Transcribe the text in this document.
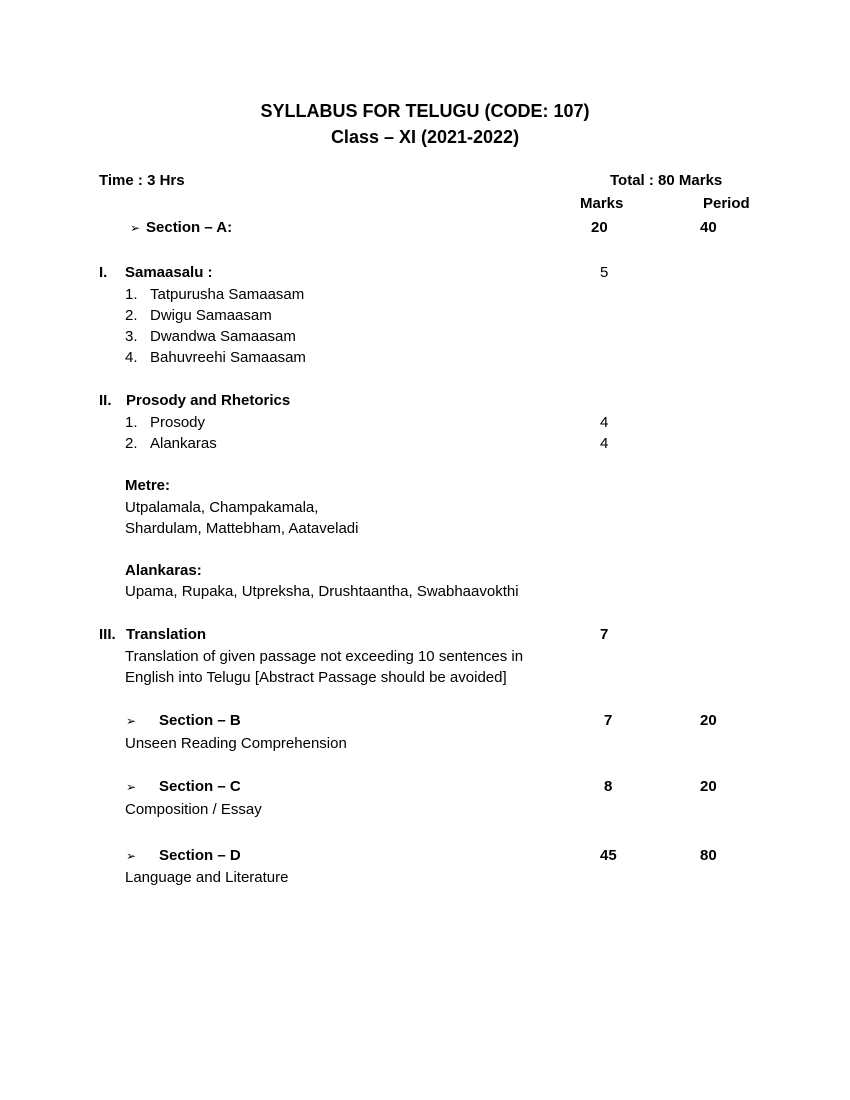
SYLLABUS FOR TELUGU (CODE: 107)
Class – XI (2021-2022)
Time : 3 Hrs	Total : 80 Marks
Marks	Period
➢ Section – A:	20	40
I. Samaasalu :	5
1. Tatpurusha Samaasam
2. Dwigu Samaasam
3. Dwandwa Samaasam
4. Bahuvreehi Samaasam
II. Prosody and Rhetorics
1. Prosody	4
2. Alankaras	4
Metre:
Utpalamala, Champakamala,
Shardulam, Mattebham, Aataveladi
Alankaras:
Upama, Rupaka, Utpreksha, Drushtaantha, Swabhaavokthi
III. Translation	7
Translation of given passage not exceeding 10 sentences in
English into Telugu [Abstract Passage should be avoided]
➢ Section – B	7	20
Unseen Reading Comprehension
➢ Section – C	8	20
Composition / Essay
➢ Section – D	45	80
Language and Literature
